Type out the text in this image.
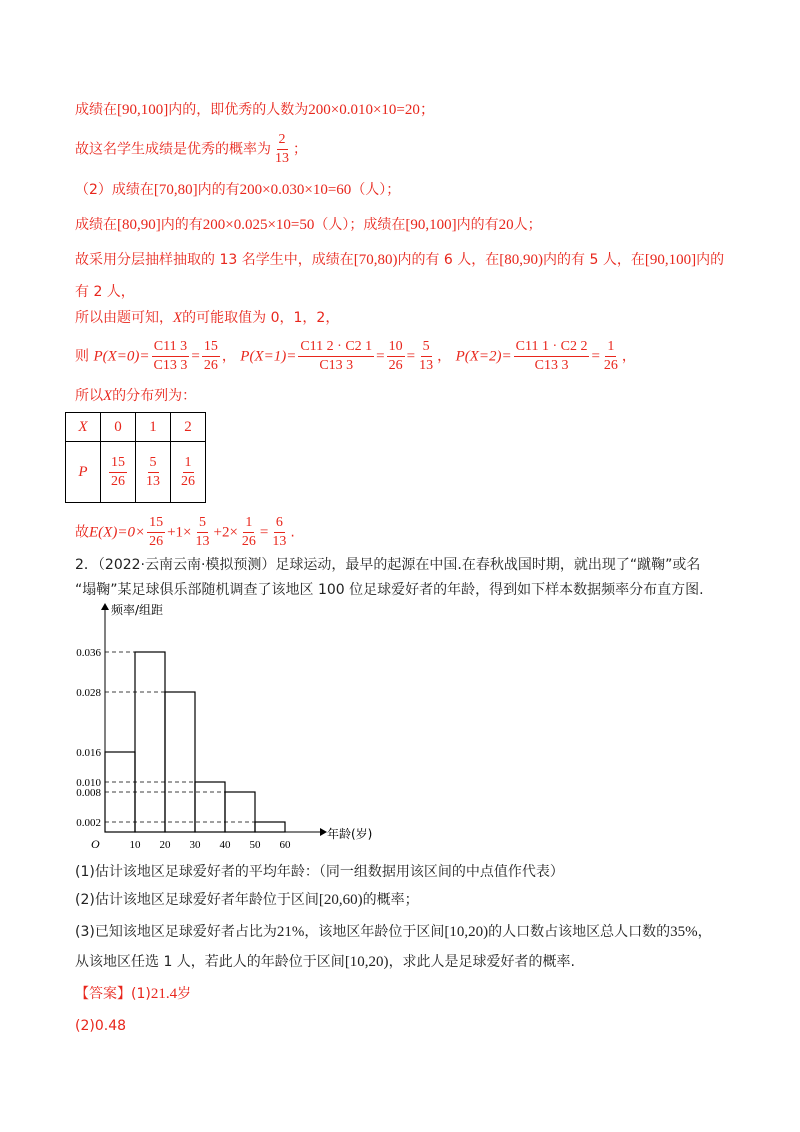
成绩在[90,100]内的，即优秀的人数为200×0.010×10=20；
故这名学生成绩是优秀的概率为 $\frac{2}{13}$ ；
（2）成绩在[70,80]内的有200×0.030×10=60（人）；
成绩在[80,90]内的有200×0.025×10=50（人）；成绩在[90,100]内的有20人；
故采用分层抽样抽取的 13 名学生中，成绩在[70,80)内的有 6 人，在[80,90)内的有 5 人，在[90,100]内的
有 2 人，
所以由题可知，X的可能取值为 0，1，2，
则 $P(X=0)= \frac{C11 3}{C13 3} = \frac{15}{26}$ ， $P(X=1)= \frac{C11 2 \cdot C2 1}{C13 3} = \frac{10}{26} = \frac{5}{13}$ ， $P(X=2)= \frac{C11 1 \cdot C2 2}{C13 3} = \frac{1}{26}$ ，
所以X的分布列为：
X	0	1	2
P	$\frac{15}{26}$	$\frac{5}{13}$	$\frac{1}{26}$
故$E(X)=0\times \frac{15}{26} +1\times \frac{5}{13} +2\times \frac{1}{26} = \frac{6}{13}$ .
2．（2022·云南云南·模拟预测）足球运动，最早的起源在中国.在春秋战国时期，就出现了“蹴鞠”或名
“塌鞠”某足球俱乐部随机调查了该地区 100 位足球爱好者的年龄，得到如下样本数据频率分布直方图.
0.002
0.008
0.010
0.016
0.028
0.036
10 20 30 40 50 60
O
频率/组距
年龄(岁)
(1)估计该地区足球爱好者的平均年龄：（同一组数据用该区间的中点值作代表）
(2)估计该地区足球爱好者年龄位于区间[20,60)的概率；
(3)已知该地区足球爱好者占比为21%，该地区年龄位于区间[10,20)的人口数占该地区总人口数的35%，
从该地区任选 1 人，若此人的年龄位于区间[10,20)，求此人是足球爱好者的概率.
【答案】(1)21.4岁
(2)0.48
